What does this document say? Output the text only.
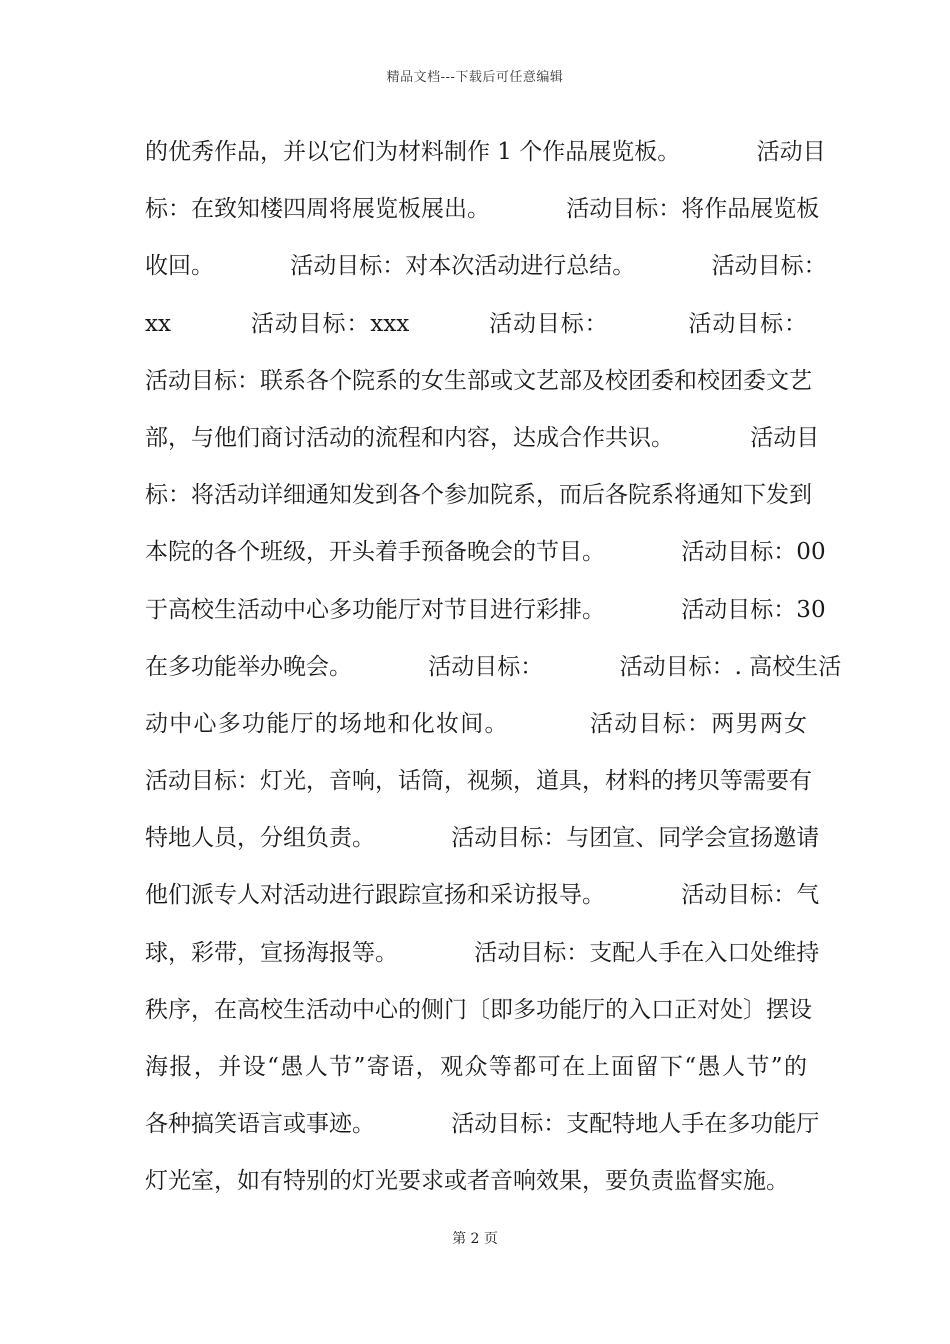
精品文档---下载后可任意编辑
的优秀作品，并以它们为材料制作 1 个作品展览板。 　　　活动目
标：在致知楼四周将展览板展出。 　　　活动目标：将作品展览板
收回。 　　　活动目标：对本次活动进行总结。 　　　活动目标：
xx 　　　活动目标：xxx 　　　活动目标： 　　　活动目标：
活动目标：联系各个院系的女生部或文艺部及校团委和校团委文艺
部，与他们商讨活动的流程和内容，达成合作共识。 　　　活动目
标：将活动详细通知发到各个参加院系，而后各院系将通知下发到
本院的各个班级，开头着手预备晚会的节目。 　　　活动目标：00
于高校生活动中心多功能厅对节目进行彩排。 　　　活动目标：30
在多功能举办晚会。 　　　活动目标： 　　　活动目标：. 高校生活
动中心多功能厅的场地和化妆间。 　　　活动目标：两男两女
活动目标：灯光，音响，话筒，视频，道具，材料的拷贝等需要有
特地人员，分组负责。 　　　活动目标：与团宣、同学会宣扬邀请
他们派专人对活动进行跟踪宣扬和采访报导。 　　　活动目标：气
球，彩带，宣扬海报等。 　　　活动目标：支配人手在入口处维持
秩序，在高校生活动中心的侧门〔即多功能厅的入口正对处〕摆设
海报，并设“愚人节”寄语，观众等都可在上面留下“愚人节”的
各种搞笑语言或事迹。 　　　活动目标：支配特地人手在多功能厅
灯光室，如有特别的灯光要求或者音响效果，要负责监督实施。
第 2 页
